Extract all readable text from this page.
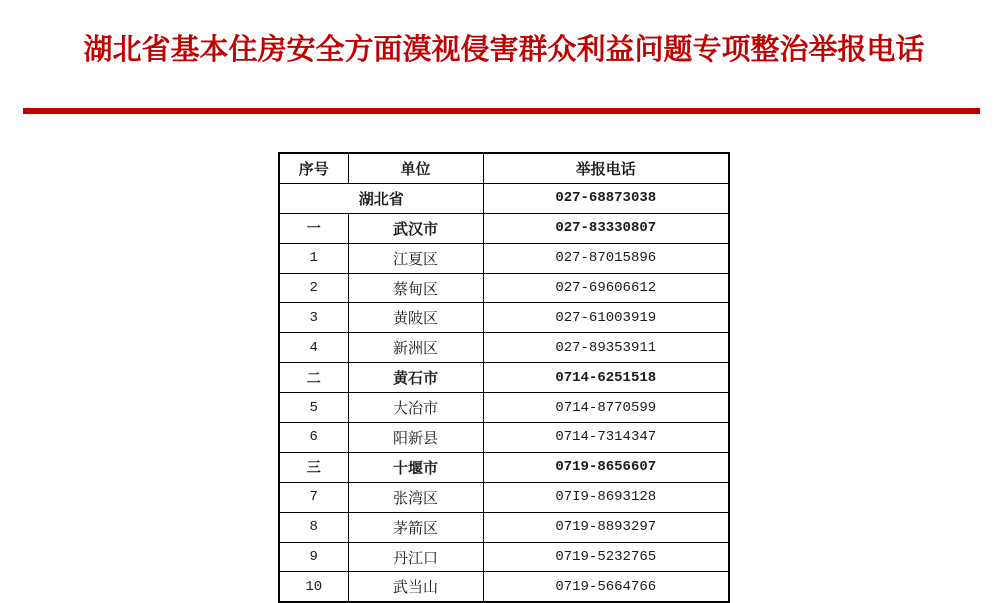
湖北省基本住房安全方面漠视侵害群众利益问题专项整治举报电话
序号	单位	举报电话
湖北省		027-68873038
一	武汉市	027-83330807
1	江夏区	027-87015896
2	蔡甸区	027-69606612
3	黄陂区	027-61003919
4	新洲区	027-89353911
二	黄石市	0714-6251518
5	大冶市	0714-8770599
6	阳新县	0714-7314347
三	十堰市	0719-8656607
7	张湾区	07I9-8693128
8	茅箭区	0719-8893297
9	丹江口	0719-5232765
10	武当山	0719-5664766
